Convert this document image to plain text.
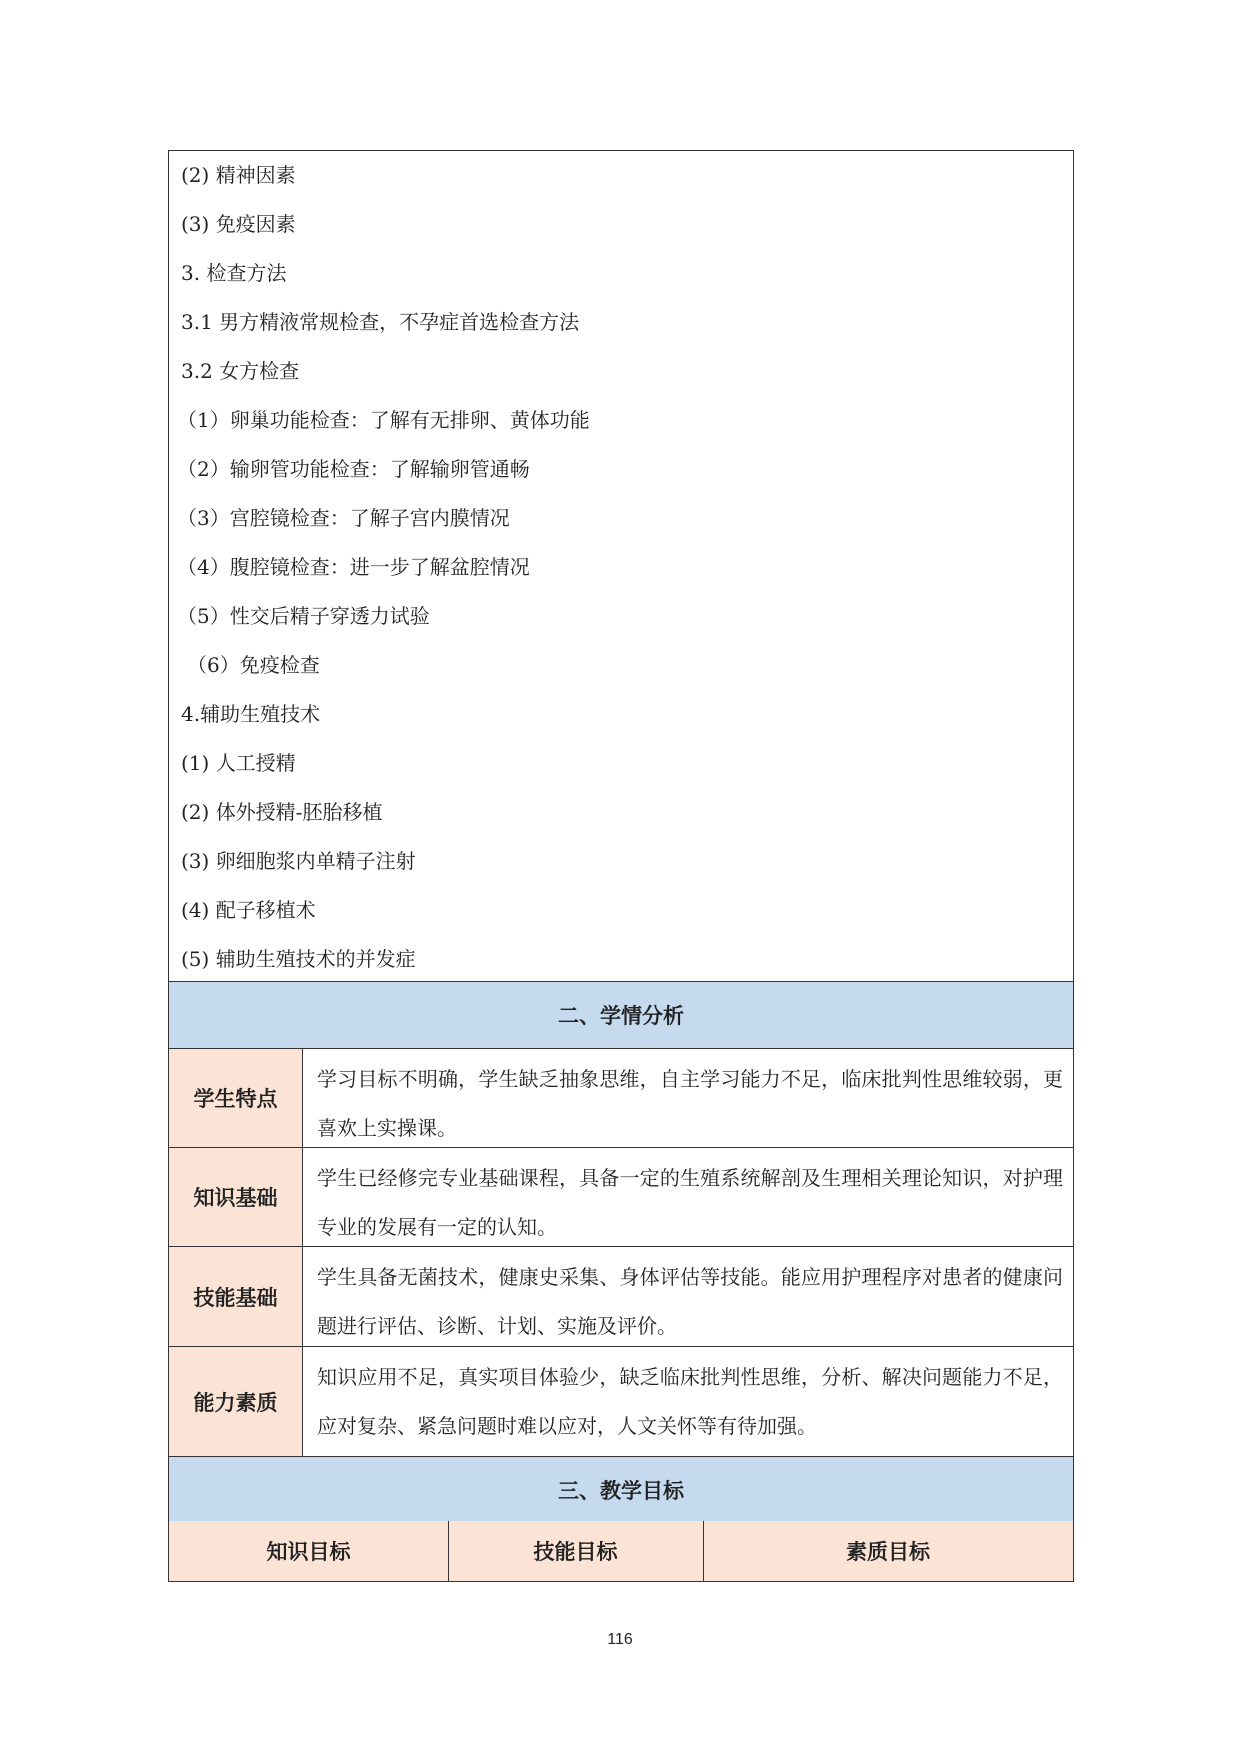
(2) 精神因素
(3) 免疫因素
3. 检查方法
3.1 男方精液常规检查，不孕症首选检查方法
3.2 女方检查
（1）卵巢功能检查：了解有无排卵、黄体功能
（2）输卵管功能检查：了解输卵管通畅
（3）宫腔镜检查：了解子宫内膜情况
（4）腹腔镜检查：进一步了解盆腔情况
（5）性交后精子穿透力试验
（6）免疫检查
4.辅助生殖技术
(1) 人工授精
(2) 体外授精-胚胎移植
(3) 卵细胞浆内单精子注射
(4) 配子移植术
(5) 辅助生殖技术的并发症
二、学情分析
学生特点
学习目标不明确，学生缺乏抽象思维，自主学习能力不足，临床批判性思维较弱，更喜欢上实操课。
知识基础
学生已经修完专业基础课程，具备一定的生殖系统解剖及生理相关理论知识，对护理专业的发展有一定的认知。
技能基础
学生具备无菌技术，健康史采集、身体评估等技能。能应用护理程序对患者的健康问题进行评估、诊断、计划、实施及评价。
能力素质
知识应用不足，真实项目体验少，缺乏临床批判性思维，分析、解决问题能力不足，应对复杂、紧急问题时难以应对，人文关怀等有待加强。
三、教学目标
知识目标	技能目标	素质目标
116
